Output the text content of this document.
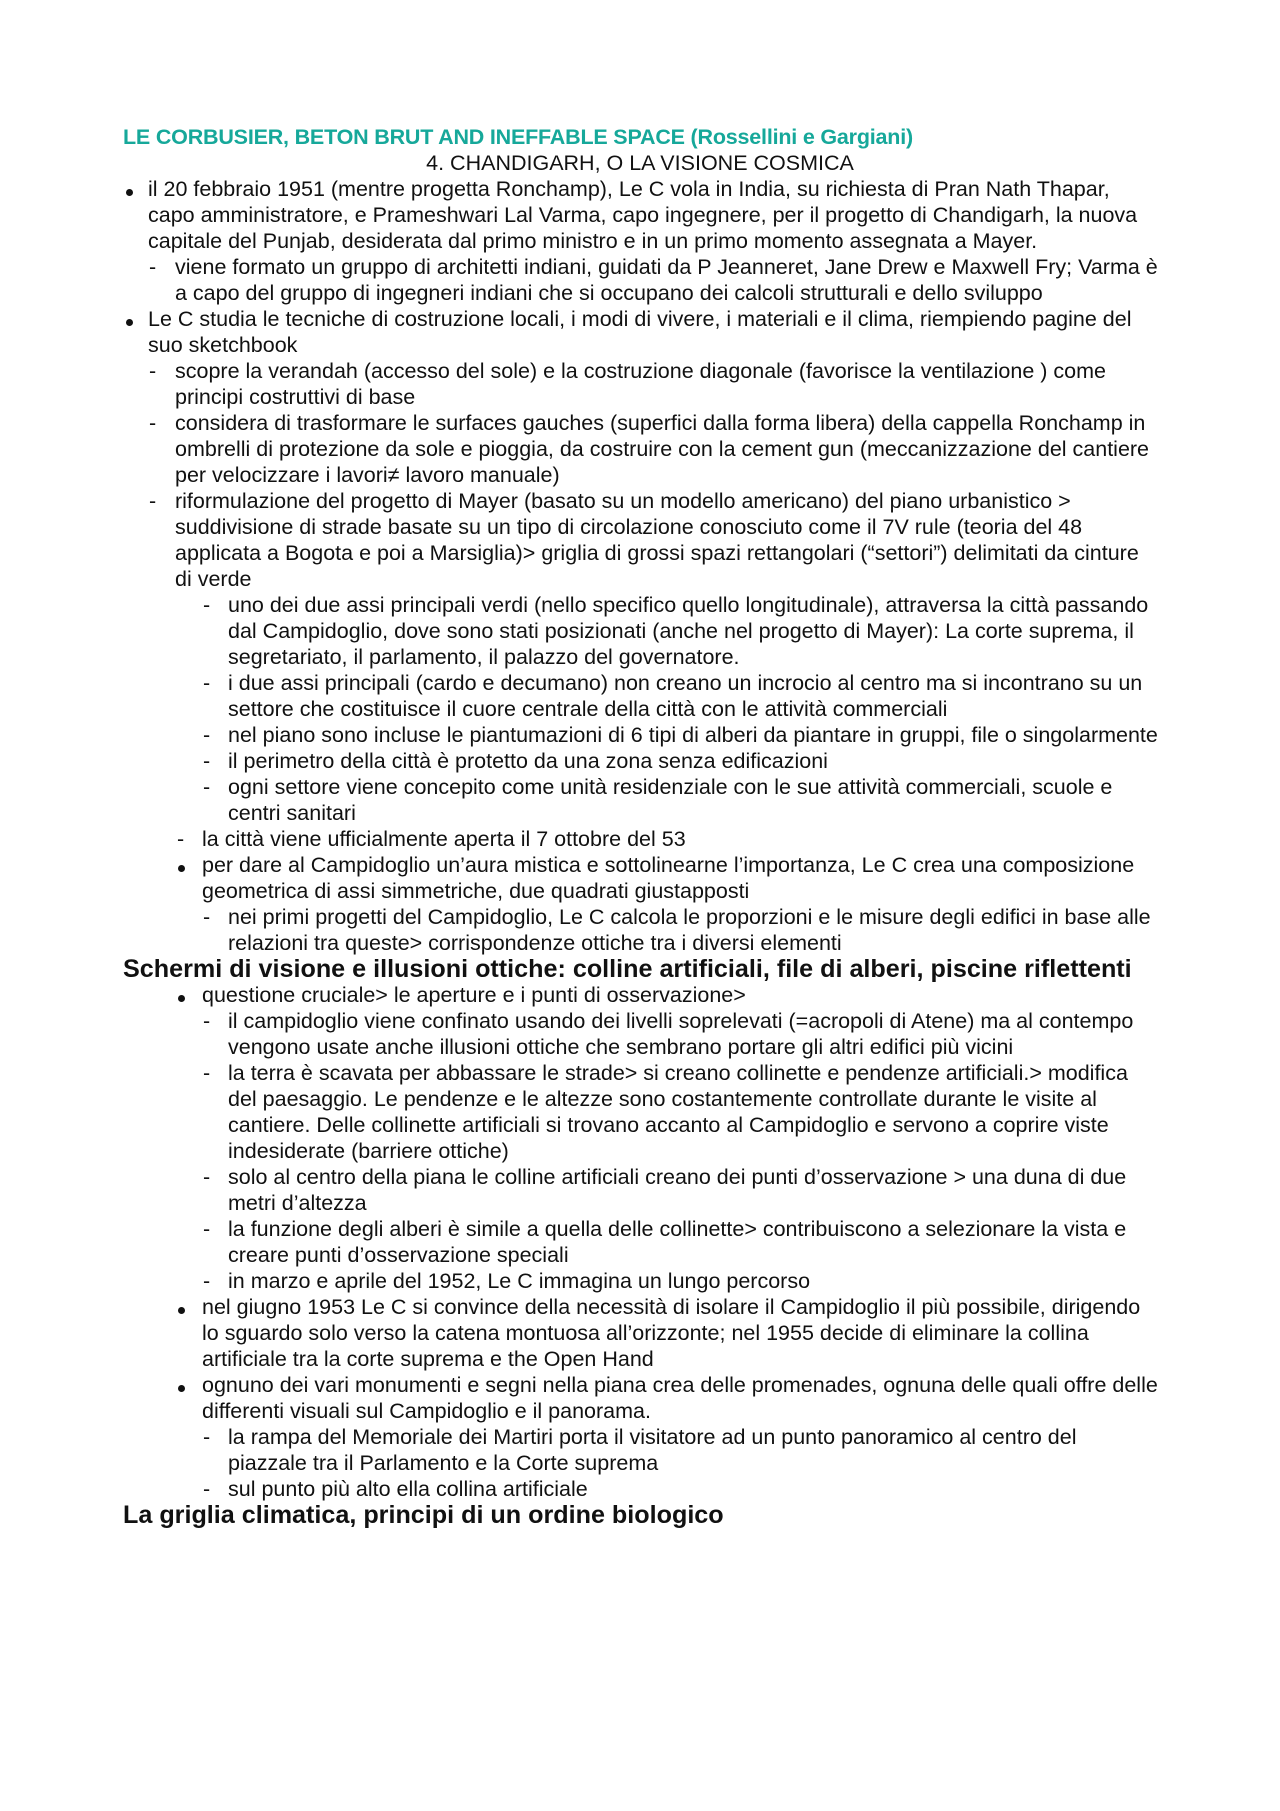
LE CORBUSIER, BETON BRUT AND INEFFABLE SPACE (Rossellini e Gargiani)
4. CHANDIGARH, O LA VISIONE COSMICA
il 20 febbraio 1951 (mentre progetta Ronchamp), Le C vola in India, su richiesta di Pran Nath Thapar, capo amministratore, e Prameshwari Lal Varma, capo ingegnere, per il progetto di Chandigarh, la nuova capitale del Punjab, desiderata dal primo ministro e in un primo momento assegnata a Mayer.
- viene formato un gruppo di architetti indiani, guidati da P Jeanneret, Jane Drew e Maxwell Fry; Varma è a capo del gruppo di ingegneri indiani che si occupano dei calcoli strutturali e dello sviluppo
Le C studia le tecniche di costruzione locali, i modi di vivere, i materiali e il clima, riempiendo pagine del suo sketchbook
- scopre la verandah (accesso del sole) e la costruzione diagonale (favorisce la ventilazione ) come principi costruttivi di base
- considera di trasformare le surfaces gauches (superfici dalla forma libera) della cappella Ronchamp in ombrelli di protezione da sole e pioggia, da costruire con la cement gun (meccanizzazione del cantiere per velocizzare i lavori≠ lavoro manuale)
- riformulazione del progetto di Mayer (basato su un modello americano) del piano urbanistico > suddivisione di strade basate su un tipo di circolazione conosciuto come il 7V rule (teoria del 48 applicata a Bogota e poi a Marsiglia)> griglia di grossi spazi rettangolari (“settori”) delimitati da cinture di verde
- uno dei due assi principali verdi (nello specifico quello longitudinale), attraversa la città passando dal Campidoglio, dove sono stati posizionati (anche nel progetto di Mayer): La corte suprema, il segretariato, il parlamento, il palazzo del governatore.
- i due assi principali (cardo e decumano) non creano un incrocio al centro ma si incontrano su un settore che costituisce il cuore centrale della città con le attività commerciali
- nel piano sono incluse le piantumazioni di 6 tipi di alberi da piantare in gruppi, file o singolarmente
- il perimetro della città è protetto da una zona senza edificazioni
- ogni settore viene concepito come unità residenziale con le sue attività commerciali, scuole e centri sanitari
- la città viene ufficialmente aperta il 7 ottobre del 53
per dare al Campidoglio un’aura mistica e sottolinearne l’importanza, Le C crea una composizione geometrica di assi simmetriche, due quadrati giustapposti
- nei primi progetti del Campidoglio, Le C calcola le proporzioni e le misure degli edifici in base alle relazioni tra queste> corrispondenze ottiche tra i diversi elementi
Schermi di visione e illusioni ottiche: colline artificiali, file di alberi, piscine riflettenti
questione cruciale> le aperture e i punti di osservazione>
- il campidoglio viene confinato usando dei livelli soprelevati (=acropoli di Atene) ma al contempo vengono usate anche illusioni ottiche che sembrano portare gli altri edifici più vicini
- la terra è scavata per abbassare le strade> si creano collinette e pendenze artificiali.> modifica del paesaggio. Le pendenze e le altezze sono costantemente controllate durante le visite al cantiere. Delle collinette artificiali si trovano accanto al Campidoglio e servono a coprire viste indesiderate (barriere ottiche)
- solo al centro della piana le colline artificiali creano dei punti d’osservazione > una duna di due metri d’altezza
- la funzione degli alberi è simile a quella delle collinette> contribuiscono a selezionare la vista e creare punti d’osservazione speciali
- in marzo e aprile del 1952, Le C immagina un lungo percorso
nel giugno 1953 Le C si convince della necessità di isolare il Campidoglio il più possibile, dirigendo lo sguardo solo verso la catena montuosa all’orizzonte; nel 1955 decide di eliminare la collina artificiale tra la corte suprema e the Open Hand
ognuno dei vari monumenti e segni nella piana crea delle promenades, ognuna delle quali offre delle differenti visuali sul Campidoglio e il panorama.
- la rampa del Memoriale dei Martiri porta il visitatore ad un punto panoramico al centro del piazzale tra il Parlamento e la Corte suprema
- sul punto più alto ella collina artificiale
La griglia climatica, principi di un ordine biologico
